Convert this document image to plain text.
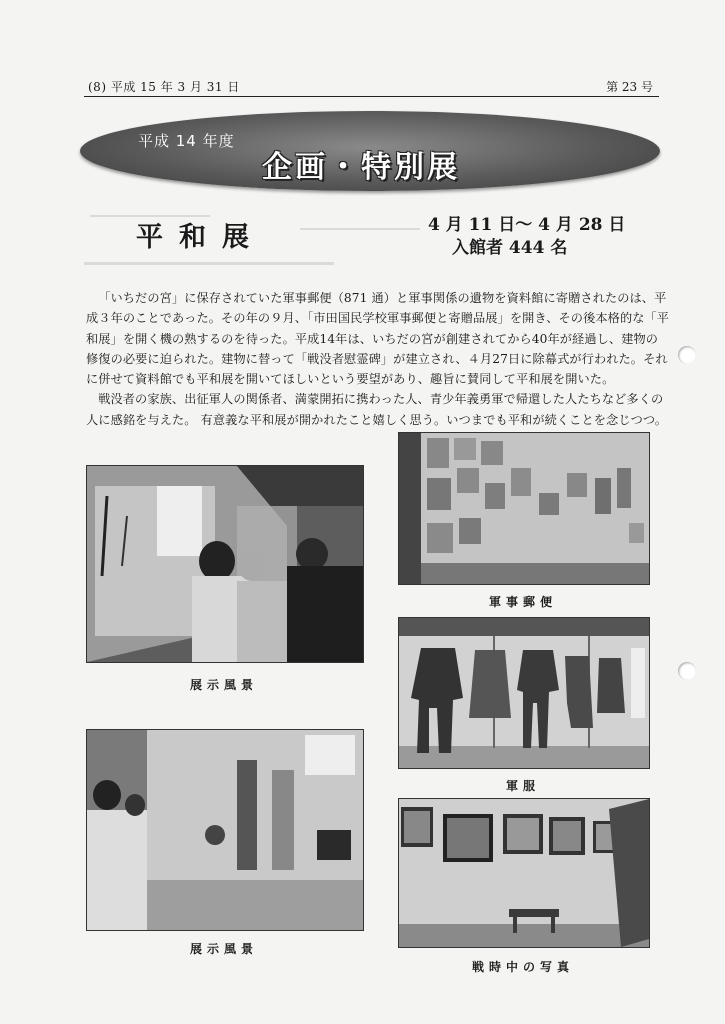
(8) 平成 15 年 3 月 31 日	第 23 号
平成 14 年度
企画・特別展
平和展	4 月 11 日～ 4 月 28 日
入館者 444 名

「いちだの宮」に保存されていた軍事郵便（871 通）と軍事関係の遺物を資料館に寄贈されたのは、平成３年のことであった。その年の９月、「市田国民学校軍事郵便と寄贈品展」を開き、その後本格的な「平和展」を開く機の熟するのを待った。平成14年は、いちだの宮が創建されてから40年が経過し、建物の修復の必要に迫られた。建物に替って「戦没者慰霊碑」が建立され、４月27日に除幕式が行われた。それに併せて資料館でも平和展を開いてほしいという要望があり、趣旨に賛同して平和展を開いた。

戦没者の家族、出征軍人の関係者、満蒙開拓に携わった人、青少年義勇軍で帰還した人たちなど多くの人に感銘を与えた。 有意義な平和展が開かれたこと嬉しく思う。いつまでも平和が続くことを念じつつ。

展示風景
展示風景
軍事郵便
軍服
戦時中の写真
